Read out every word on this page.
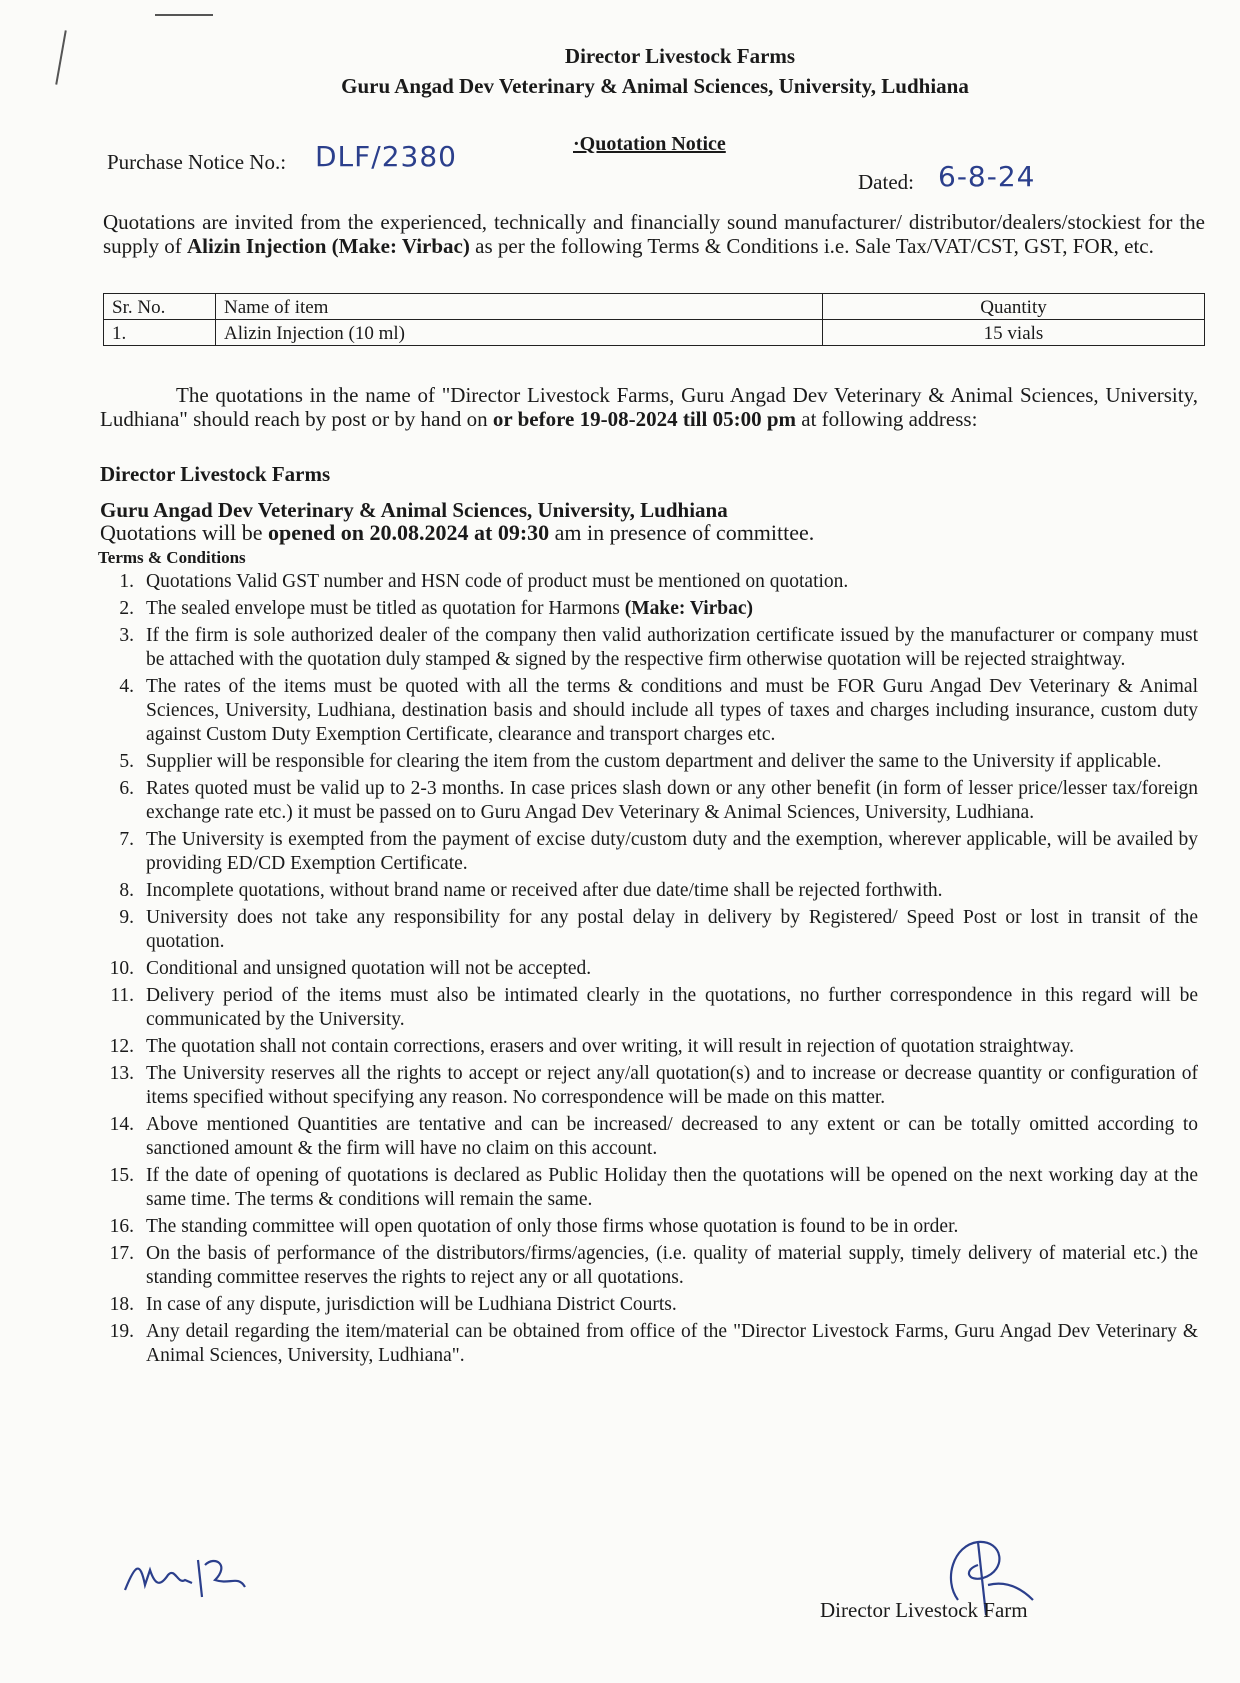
Director Livestock Farms
Guru Angad Dev Veterinary & Animal Sciences, University, Ludhiana
Purchase Notice No.: DLF/2380	·Quotation Notice
Dated: 6-8-24
Quotations are invited from the experienced, technically and financially sound manufacturer/ distributor/dealers/stockiest for the supply of Alizin Injection (Make: Virbac) as per the following Terms & Conditions i.e. Sale Tax/VAT/CST, GST, FOR, etc.
Sr. No.	Name of item	Quantity
1.	Alizin Injection (10 ml)	15 vials
The quotations in the name of "Director Livestock Farms, Guru Angad Dev Veterinary & Animal Sciences, University, Ludhiana" should reach by post or by hand on or before 19-08-2024 till 05:00 pm at following address:
Director Livestock Farms
Guru Angad Dev Veterinary & Animal Sciences, University, Ludhiana
Quotations will be opened on 20.08.2024 at 09:30 am in presence of committee.
Terms & Conditions
1. Quotations Valid GST number and HSN code of product must be mentioned on quotation.
2. The sealed envelope must be titled as quotation for Harmons (Make: Virbac)
3. If the firm is sole authorized dealer of the company then valid authorization certificate issued by the manufacturer or company must be attached with the quotation duly stamped & signed by the respective firm otherwise quotation will be rejected straightway.
4. The rates of the items must be quoted with all the terms & conditions and must be FOR Guru Angad Dev Veterinary & Animal Sciences, University, Ludhiana, destination basis and should include all types of taxes and charges including insurance, custom duty against Custom Duty Exemption Certificate, clearance and transport charges etc.
5. Supplier will be responsible for clearing the item from the custom department and deliver the same to the University if applicable.
6. Rates quoted must be valid up to 2-3 months. In case prices slash down or any other benefit (in form of lesser price/lesser tax/foreign exchange rate etc.) it must be passed on to Guru Angad Dev Veterinary & Animal Sciences, University, Ludhiana.
7. The University is exempted from the payment of excise duty/custom duty and the exemption, wherever applicable, will be availed by providing ED/CD Exemption Certificate.
8. Incomplete quotations, without brand name or received after due date/time shall be rejected forthwith.
9. University does not take any responsibility for any postal delay in delivery by Registered/ Speed Post or lost in transit of the quotation.
10. Conditional and unsigned quotation will not be accepted.
11. Delivery period of the items must also be intimated clearly in the quotations, no further correspondence in this regard will be communicated by the University.
12. The quotation shall not contain corrections, erasers and over writing, it will result in rejection of quotation straightway.
13. The University reserves all the rights to accept or reject any/all quotation(s) and to increase or decrease quantity or configuration of items specified without specifying any reason. No correspondence will be made on this matter.
14. Above mentioned Quantities are tentative and can be increased/ decreased to any extent or can be totally omitted according to sanctioned amount & the firm will have no claim on this account.
15. If the date of opening of quotations is declared as Public Holiday then the quotations will be opened on the next working day at the same time. The terms & conditions will remain the same.
16. The standing committee will open quotation of only those firms whose quotation is found to be in order.
17. On the basis of performance of the distributors/firms/agencies, (i.e. quality of material supply, timely delivery of material etc.) the standing committee reserves the rights to reject any or all quotations.
18. In case of any dispute, jurisdiction will be Ludhiana District Courts.
19. Any detail regarding the item/material can be obtained from office of the "Director Livestock Farms, Guru Angad Dev Veterinary & Animal Sciences, University, Ludhiana".
Director Livestock Farm
